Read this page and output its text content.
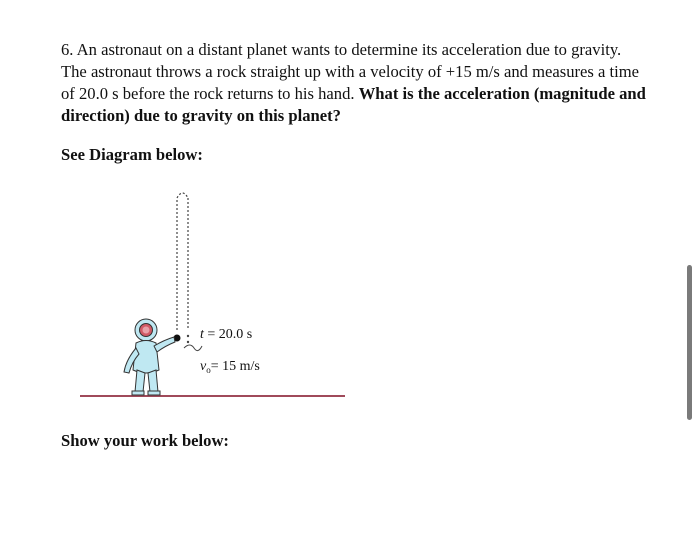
6. An astronaut on a distant planet wants to determine its acceleration due to gravity. The astronaut throws a rock straight up with a velocity of +15 m/s and measures a time of 20.0 s before the rock returns to his hand. What is the acceleration (magnitude and direction) due to gravity on this planet?
See Diagram below:
t = 20.0 s
$v_o= 15$ m/s
Show your work below:
